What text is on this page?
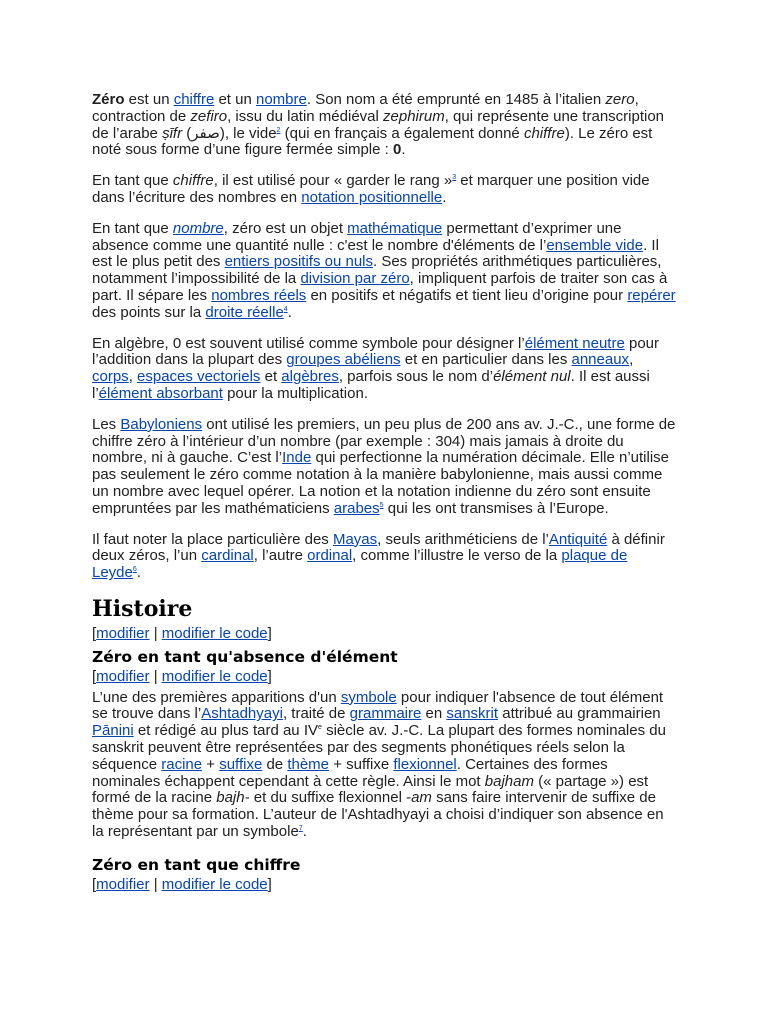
Zéro est un chiffre et un nombre. Son nom a été emprunté en 1485 à l’italien zero, contraction de zefiro, issu du latin médiéval zephirum, qui représente une transcription de l’arabe ṣīfr (صفر), le vide$^2$ (qui en français a également donné chiffre). Le zéro est noté sous forme d’une figure fermée simple : 0.

En tant que chiffre, il est utilisé pour « garder le rang »$^3$ et marquer une position vide dans l’écriture des nombres en notation positionnelle.

En tant que nombre, zéro est un objet mathématique permettant d’exprimer une absence comme une quantité nulle : c'est le nombre d'éléments de l’ensemble vide. Il est le plus petit des entiers positifs ou nuls. Ses propriétés arithmétiques particulières, notamment l’impossibilité de la division par zéro, impliquent parfois de traiter son cas à part. Il sépare les nombres réels en positifs et négatifs et tient lieu d’origine pour repérer des points sur la droite réelle$^4$.

En algèbre, 0 est souvent utilisé comme symbole pour désigner l’élément neutre pour l’addition dans la plupart des groupes abéliens et en particulier dans les anneaux, corps, espaces vectoriels et algèbres, parfois sous le nom d’élément nul. Il est aussi l’élément absorbant pour la multiplication.

Les Babyloniens ont utilisé les premiers, un peu plus de 200 ans av. J.-C., une forme de chiffre zéro à l’intérieur d’un nombre (par exemple : 304) mais jamais à droite du nombre, ni à gauche. C’est l’Inde qui perfectionne la numération décimale. Elle n’utilise pas seulement le zéro comme notation à la manière babylonienne, mais aussi comme un nombre avec lequel opérer. La notion et la notation indienne du zéro sont ensuite empruntées par les mathématiciens arabes$^5$ qui les ont transmises à l’Europe.

Il faut noter la place particulière des Mayas, seuls arithméticiens de l’Antiquité à définir deux zéros, l’un cardinal, l’autre ordinal, comme l’illustre le verso de la plaque de Leyde$^6$.

Histoire
[modifier | modifier le code]
Zéro en tant qu'absence d'élément
[modifier | modifier le code]

L’une des premières apparitions d'un symbole pour indiquer l'absence de tout élément se trouve dans l’Ashtadhyayi, traité de grammaire en sanskrit attribué au grammairien Pānini et rédigé au plus tard au IVe siècle av. J.-C. La plupart des formes nominales du sanskrit peuvent être représentées par des segments phonétiques réels selon la séquence racine + suffixe de thème + suffixe flexionnel. Certaines des formes nominales échappent cependant à cette règle. Ainsi le mot bajham (« partage ») est formé de la racine bajh- et du suffixe flexionnel -am sans faire intervenir de suffixe de thème pour sa formation. L’auteur de l'Ashtadhyayi a choisi d’indiquer son absence en la représentant par un symbole$^7$.

Zéro en tant que chiffre
[modifier | modifier le code]
